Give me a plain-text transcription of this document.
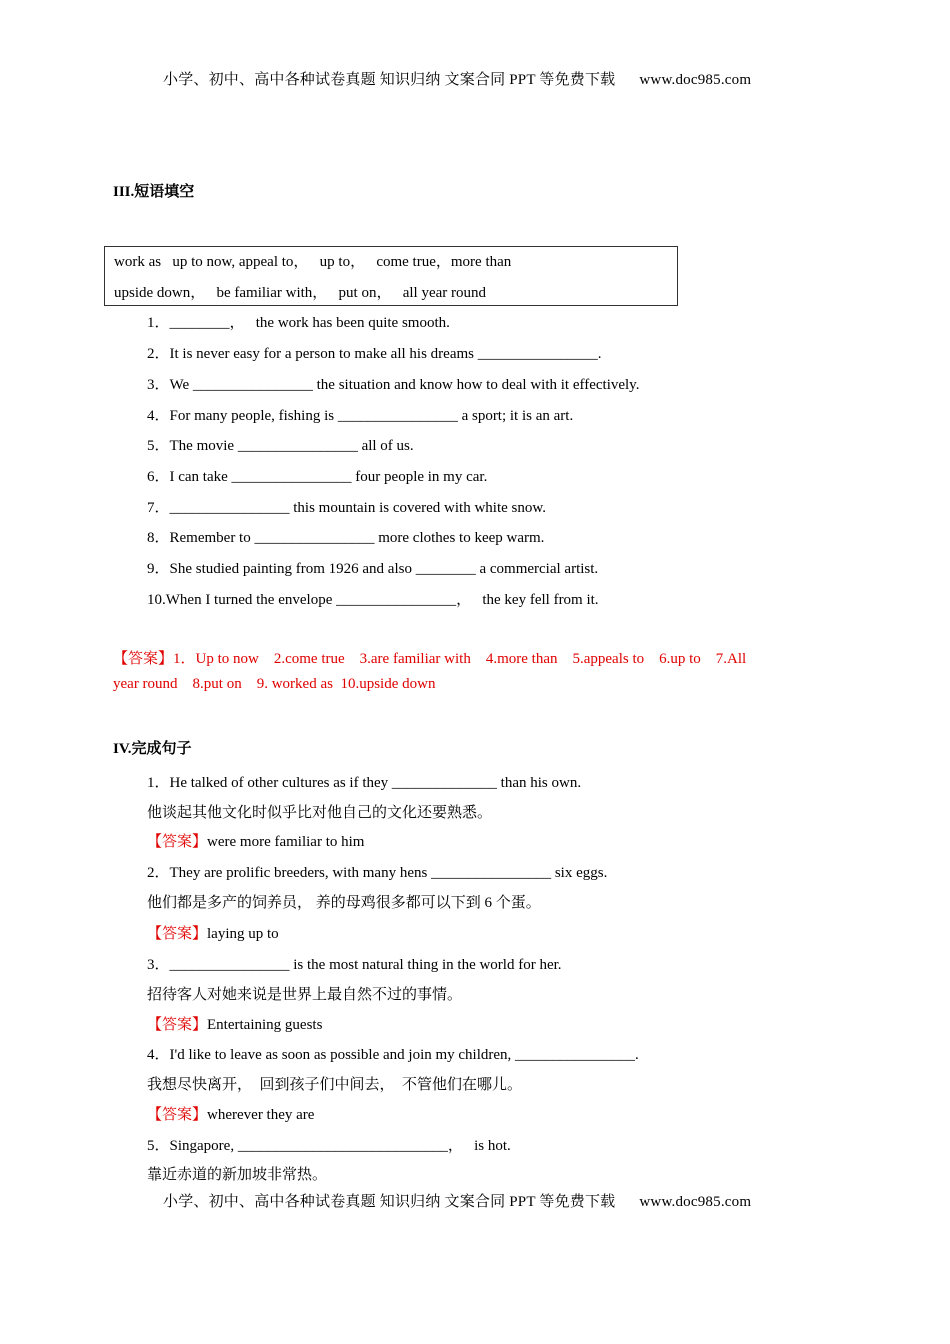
小学、初中、高中各种试卷真题 知识归纳 文案合同 PPT 等免费下载 www.doc985.com
III.短语填空
work as   up to now, appeal to，   up to，   come true，more than
upside down，   be familiar with，   put on，   all year round
1．________，   the work has been quite smooth.
2．It is never easy for a person to make all his dreams ________________.
3．We ________________ the situation and know how to deal with it effectively.
4．For many people, fishing is ________________ a sport; it is an art.
5．The movie ________________ all of us.
6．I can take ________________ four people in my car.
7．________________ this mountain is covered with white snow.
8．Remember to ________________ more clothes to keep warm.
9．She studied painting from 1926 and also ________ a commercial artist.
10.When I turned the envelope ________________，   the key fell from it.
【答案】1．Up to now    2.come true    3.are familiar with    4.more than    5.appeals to    6.up to    7.All
year round    8.put on    9. worked as  10.upside down
IV.完成句子
1．He talked of other cultures as if they ______________ than his own.
他谈起其他文化时似乎比对他自己的文化还要熟悉。
【答案】were more familiar to him
2．They are prolific breeders, with many hens ________________ six eggs.
他们都是多产的饲养员， 养的母鸡很多都可以下到 6 个蛋。
【答案】laying up to
3．________________ is the most natural thing in the world for her.
招待客人对她来说是世界上最自然不过的事情。
【答案】Entertaining guests
4．I'd like to leave as soon as possible and join my children, ________________.
我想尽快离开，  回到孩子们中间去，  不管他们在哪儿。
【答案】wherever they are
5．Singapore, ____________________________，   is hot.
靠近赤道的新加坡非常热。
小学、初中、高中各种试卷真题 知识归纳 文案合同 PPT 等免费下载 www.doc985.com
